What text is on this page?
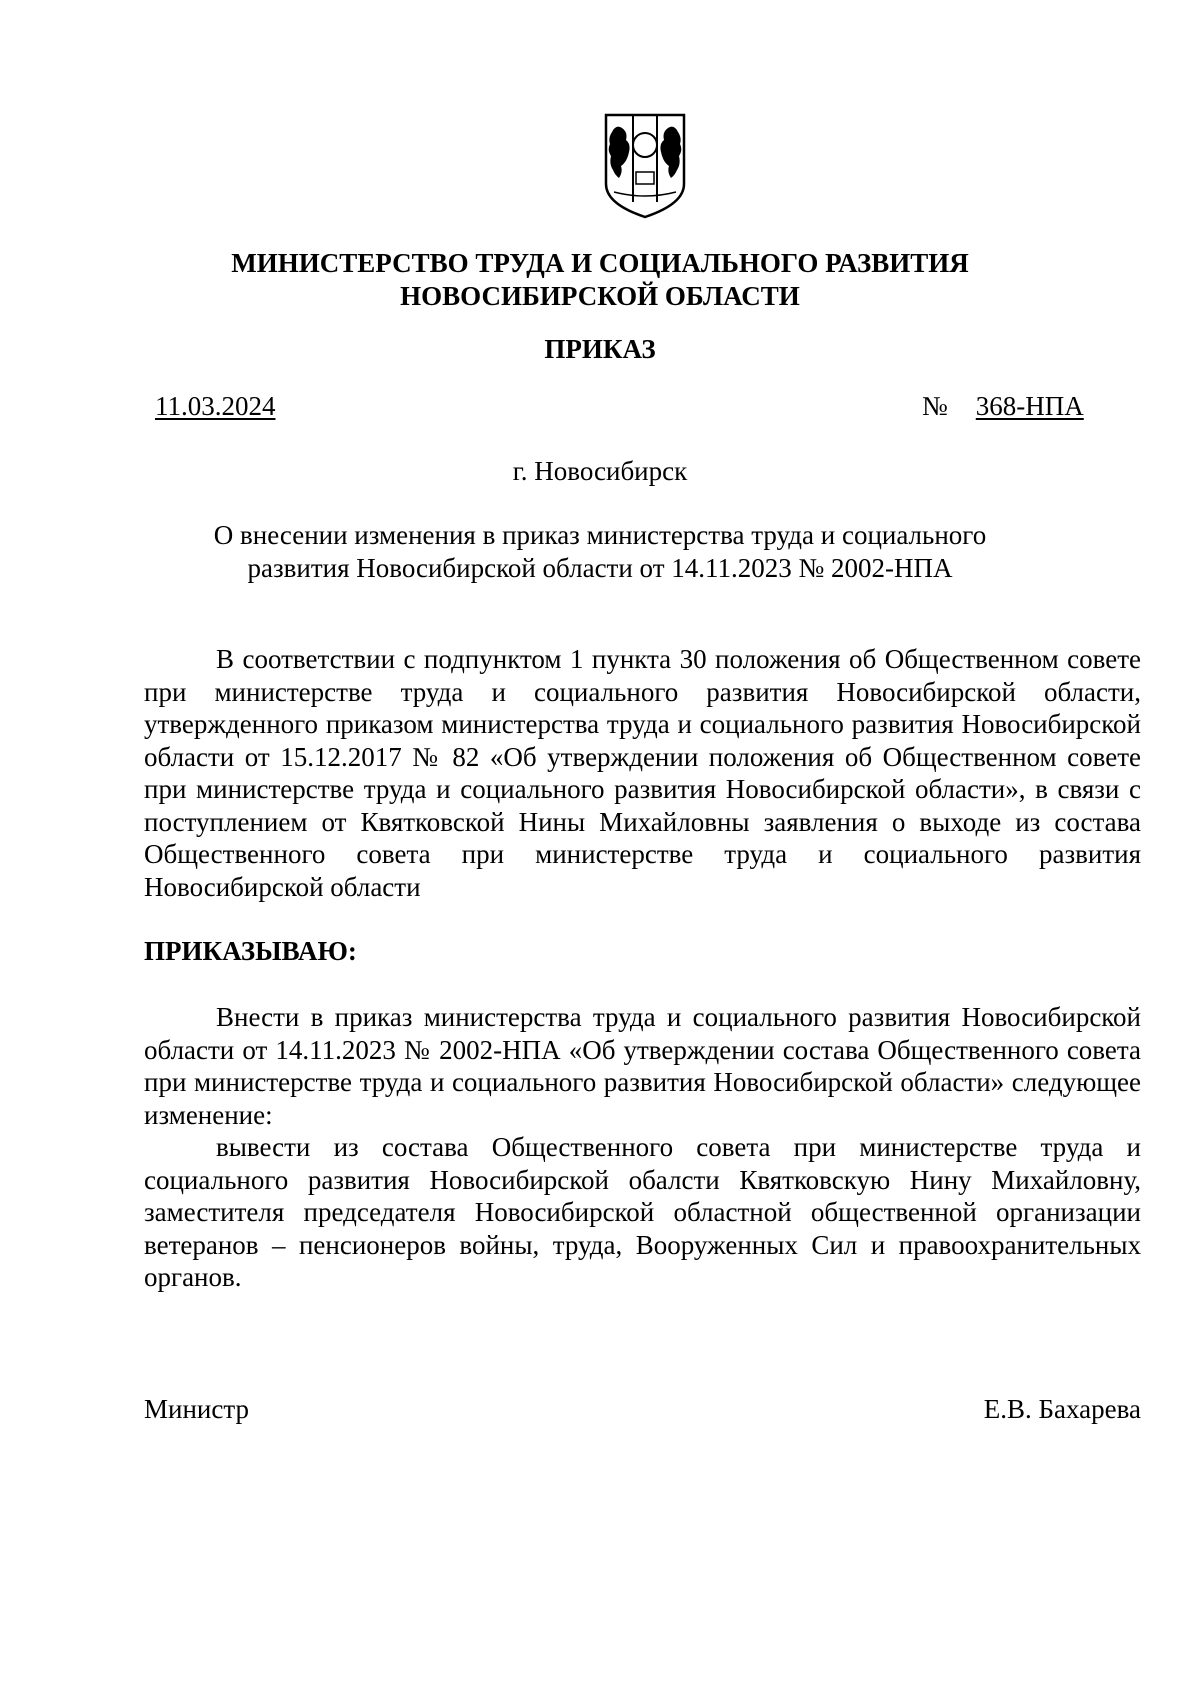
МИНИСТЕРСТВО ТРУДА И СОЦИАЛЬНОГО РАЗВИТИЯ
НОВОСИБИРСКОЙ ОБЛАСТИ
ПРИКАЗ
11.03.2024	№ 368-НПА
г. Новосибирск
О внесении изменения в приказ министерства труда и социального
развития Новосибирской области от 14.11.2023 № 2002-НПА

В соответствии с подпунктом 1 пункта 30 положения об Общественном совете при министерстве труда и социального развития Новосибирской области, утвержденного приказом министерства труда и социального развития Новосибирской области от 15.12.2017 № 82 «Об утверждении положения об Общественном совете при министерстве труда и социального развития Новосибирской области», в связи с поступлением от Квятковской Нины Михайловны заявления о выходе из состава Общественного совета при министерстве труда и социального развития Новосибирской области

ПРИКАЗЫВАЮ:

Внести в приказ министерства труда и социального развития Новосибирской области от 14.11.2023 № 2002-НПА «Об утверждении состава Общественного совета при министерстве труда и социального развития Новосибирской области» следующее изменение:

вывести из состава Общественного совета при министерстве труда и социального развития Новосибирской обалсти Квятковскую Нину Михайловну, заместителя председателя Новосибирской областной общественной организации ветеранов – пенсионеров войны, труда, Вооруженных Сил и правоохранительных органов.

Министр	Е.В. Бахарева
